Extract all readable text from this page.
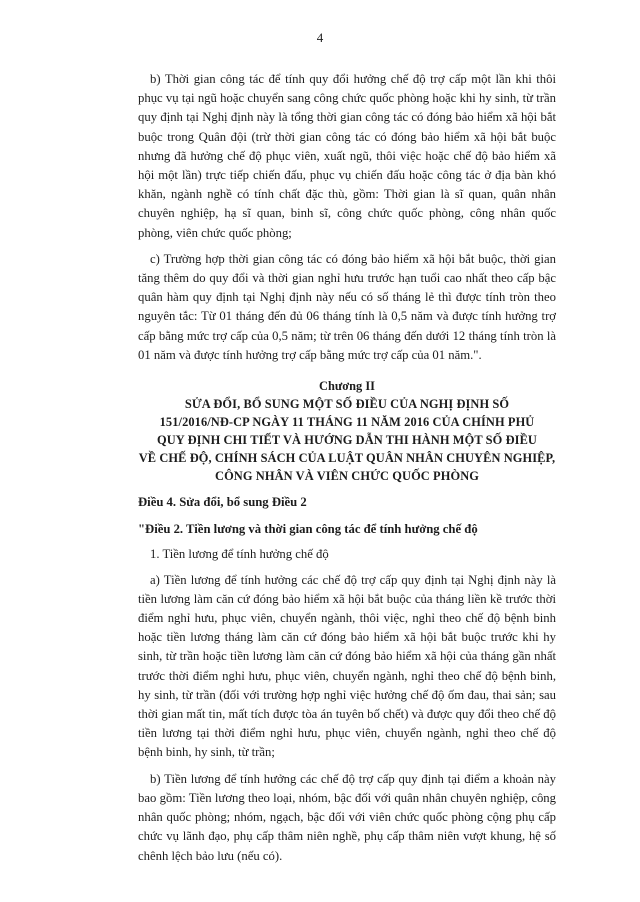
4

b) Thời gian công tác để tính quy đổi hưởng chế độ trợ cấp một lần khi thôi phục vụ tại ngũ hoặc chuyển sang công chức quốc phòng hoặc khi hy sinh, từ trần quy định tại Nghị định này là tổng thời gian công tác có đóng bảo hiểm xã hội bắt buộc trong Quân đội (trừ thời gian công tác có đóng bảo hiểm xã hội bắt buộc nhưng đã hưởng chế độ phục viên, xuất ngũ, thôi việc hoặc chế độ bảo hiểm xã hội một lần) trực tiếp chiến đấu, phục vụ chiến đấu hoặc công tác ở địa bàn khó khăn, ngành nghề có tính chất đặc thù, gồm: Thời gian là sĩ quan, quân nhân chuyên nghiệp, hạ sĩ quan, binh sĩ, công chức quốc phòng, công nhân quốc phòng, viên chức quốc phòng;

c) Trường hợp thời gian công tác có đóng bảo hiểm xã hội bắt buộc, thời gian tăng thêm do quy đổi và thời gian nghỉ hưu trước hạn tuổi cao nhất theo cấp bậc quân hàm quy định tại Nghị định này nếu có số tháng lẻ thì được tính tròn theo nguyên tắc: Từ 01 tháng đến đủ 06 tháng tính là 0,5 năm và được tính hưởng trợ cấp bằng mức trợ cấp của 0,5 năm; từ trên 06 tháng đến dưới 12 tháng tính tròn là 01 năm và được tính hưởng trợ cấp bằng mức trợ cấp của 01 năm.".

Chương II
SỬA ĐỔI, BỔ SUNG MỘT SỐ ĐIỀU CỦA NGHỊ ĐỊNH SỐ
151/2016/NĐ-CP NGÀY 11 THÁNG 11 NĂM 2016 CỦA CHÍNH PHỦ
QUY ĐỊNH CHI TIẾT VÀ HƯỚNG DẪN THI HÀNH MỘT SỐ ĐIỀU
VỀ CHẾ ĐỘ, CHÍNH SÁCH CỦA LUẬT QUÂN NHÂN CHUYÊN NGHIỆP,
CÔNG NHÂN VÀ VIÊN CHỨC QUỐC PHÒNG

Điều 4. Sửa đổi, bổ sung Điều 2

"Điều 2. Tiền lương và thời gian công tác để tính hưởng chế độ

1. Tiền lương để tính hưởng chế độ

a) Tiền lương để tính hưởng các chế độ trợ cấp quy định tại Nghị định này là tiền lương làm căn cứ đóng bảo hiểm xã hội bắt buộc của tháng liền kề trước thời điểm nghỉ hưu, phục viên, chuyển ngành, thôi việc, nghỉ theo chế độ bệnh binh hoặc tiền lương tháng làm căn cứ đóng bảo hiểm xã hội bắt buộc trước khi hy sinh, từ trần hoặc tiền lương làm căn cứ đóng bảo hiểm xã hội của tháng gần nhất trước thời điểm nghỉ hưu, phục viên, chuyển ngành, nghỉ theo chế độ bệnh binh, hy sinh, từ trần (đối với trường hợp nghỉ việc hưởng chế độ ốm đau, thai sản; sau thời gian mất tin, mất tích được tòa án tuyên bố chết) và được quy đổi theo chế độ tiền lương tại thời điểm nghỉ hưu, phục viên, chuyển ngành, nghỉ theo chế độ bệnh binh, hy sinh, từ trần;

b) Tiền lương để tính hưởng các chế độ trợ cấp quy định tại điểm a khoản này bao gồm: Tiền lương theo loại, nhóm, bậc đối với quân nhân chuyên nghiệp, công nhân quốc phòng; nhóm, ngạch, bậc đối với viên chức quốc phòng cộng phụ cấp chức vụ lãnh đạo, phụ cấp thâm niên nghề, phụ cấp thâm niên vượt khung, hệ số chênh lệch bảo lưu (nếu có).
